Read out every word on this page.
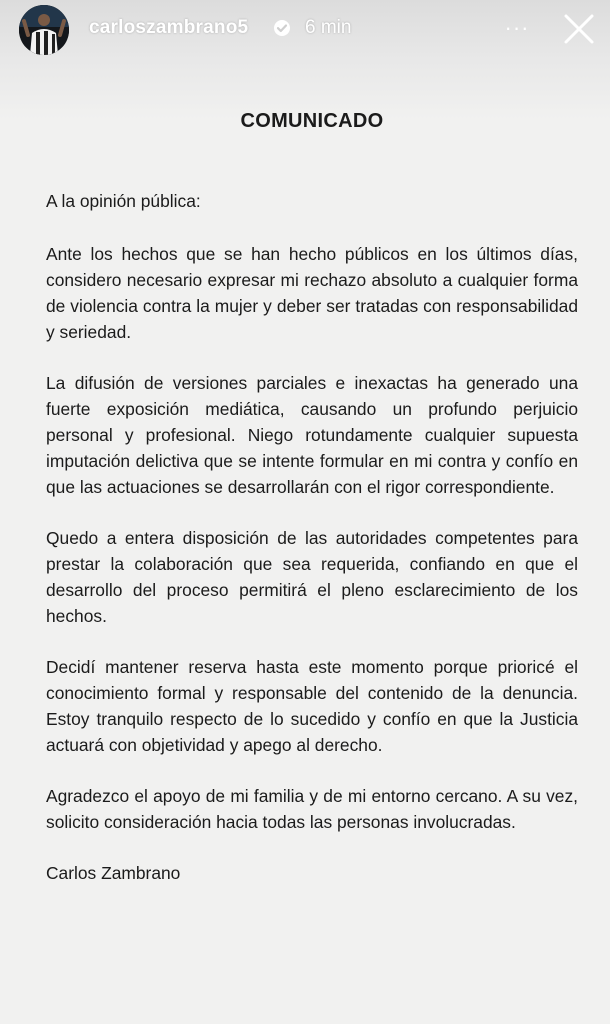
carloszambrano5	6 min	···
COMUNICADO
A la opinión pública:
Ante los hechos que se han hecho públicos en los últimos días, considero necesario expresar mi rechazo absoluto a cualquier forma de violencia contra la mujer y deber ser tratadas con responsabilidad y seriedad.
La difusión de versiones parciales e inexactas ha generado una fuerte exposición mediática, causando un profundo perjuicio personal y profesional. Niego rotundamente cualquier supuesta imputación delictiva que se intente formular en mi contra y confío en que las actuaciones se desarrollarán con el rigor correspondiente.
Quedo a entera disposición de las autoridades competentes para prestar la colaboración que sea requerida, confiando en que el desarrollo del proceso permitirá el pleno esclarecimiento de los hechos.
Decidí mantener reserva hasta este momento porque prioricé el conocimiento formal y responsable del contenido de la denuncia. Estoy tranquilo respecto de lo sucedido y confío en que la Justicia actuará con objetividad y apego al derecho.
Agradezco el apoyo de mi familia y de mi entorno cercano. A su vez, solicito consideración hacia todas las personas involucradas.
Carlos Zambrano
